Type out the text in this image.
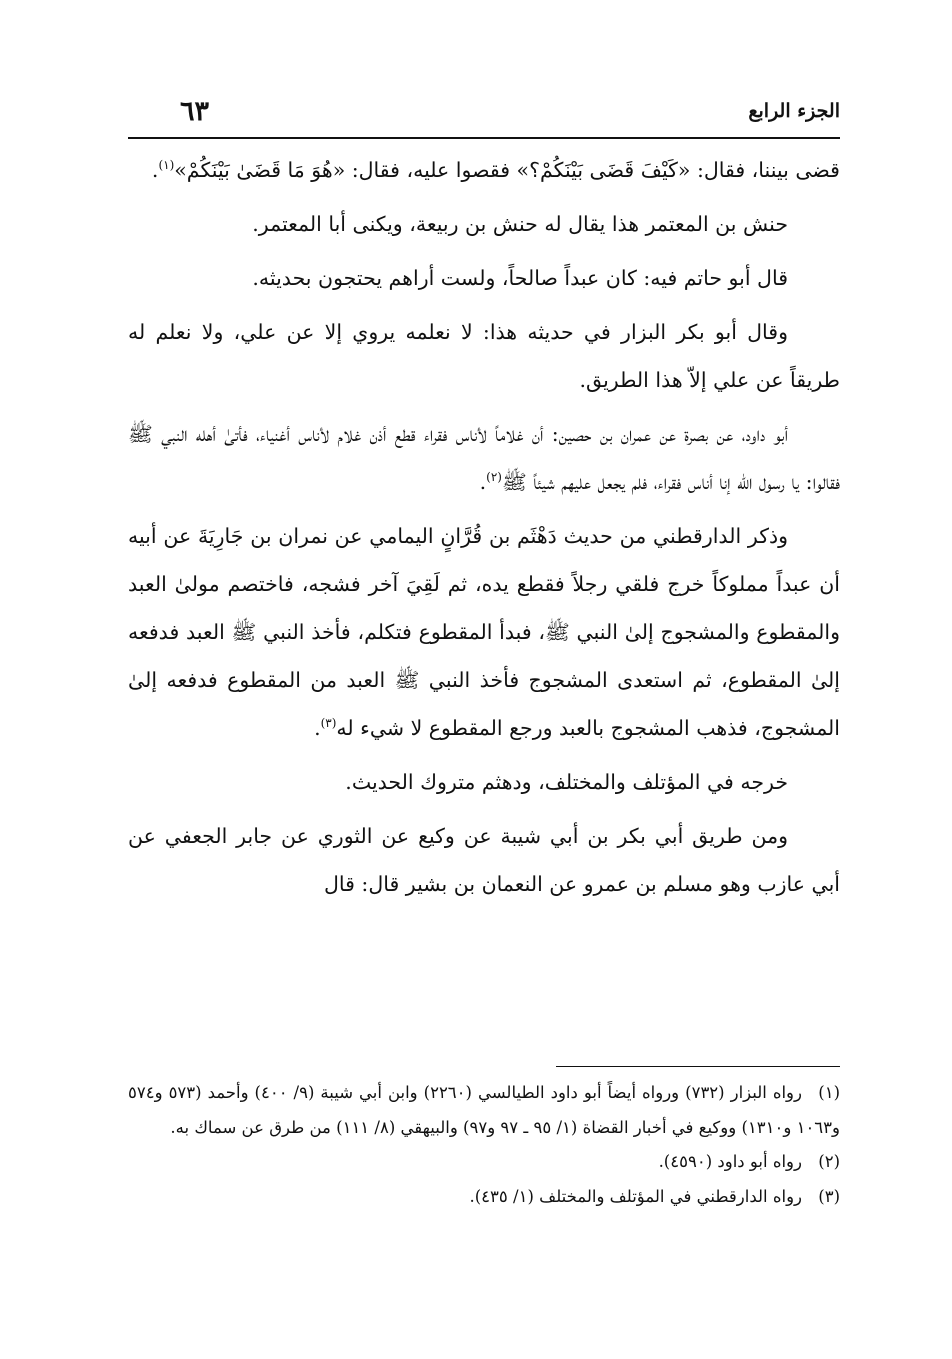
الجزء الرابع
٦٣

قضى بيننا، فقال: «كَيْفَ قَضَى بَيْنَكُمْ؟» فقصوا عليه، فقال: «هُوَ مَا قَضَىٰ بَيْنَكُمْ»$^{(١)}$.

حنش بن المعتمر هذا يقال له حنش بن ربيعة، ويكنى أبا المعتمر.

قال أبو حاتم فيه: كان عبداً صالحاً، ولست أراهم يحتجون بحديثه.

وقال أبو بكر البزار في حديثه هذا: لا نعلمه يروي إلا عن علي، ولا نعلم له طريقاً عن علي إلاّ هذا الطريق.

أبو داود، عن بصرة عن عمران بن حصين: أن غلاماً لأناس فقراء قطع أذن غلام لأناس أغنياء، فأتىٰ أهله النبي ﷺ فقالوا: يا رسول الله إنا أناس فقراء، فلم يجعل عليهم شيئاً ﷺ$^{(٢)}$.

وذكر الدارقطني من حديث دَهْثَم بن قُرَّانٍ اليمامي عن نمران بن جَارِيَةَ عن أبيه أن عبداً مملوكاً خرج فلقي رجلاً فقطع يده، ثم لَقِيَ آخر فشجه، فاختصم مولىٰ العبد والمقطوع والمشجوج إلىٰ النبي ﷺ، فبدأ المقطوع فتكلم، فأخذ النبي ﷺ العبد فدفعه إلىٰ المقطوع، ثم استعدى المشجوج فأخذ النبي ﷺ العبد من المقطوع فدفعه إلىٰ المشجوج، فذهب المشجوج بالعبد ورجع المقطوع لا شيء له$^{(٣)}$.

خرجه في المؤتلف والمختلف، ودهثم متروك الحديث.

ومن طريق أبي بكر بن أبي شيبة عن وكيع عن الثوري عن جابر الجعفي عن أبي عازب وهو مسلم بن عمرو عن النعمان بن بشير قال: قال

(١)رواه البزار (٧٣٢) ورواه أيضاً أبو داود الطيالسي (٢٢٦٠) وابن أبي شيبة (٩/ ٤٠٠) وأحمد (٥٧٣ و٥٧٤ و١٠٦٣ و١٣١٠) ووكيع في أخبار القضاة (١/ ٩٥ ـ ٩٧ و٩٧) والبيهقي (٨/ ١١١) من طرق عن سماك به.

(٢)رواه أبو داود (٤٥٩٠).

(٣)رواه الدارقطني في المؤتلف والمختلف (١/ ٤٣٥).
